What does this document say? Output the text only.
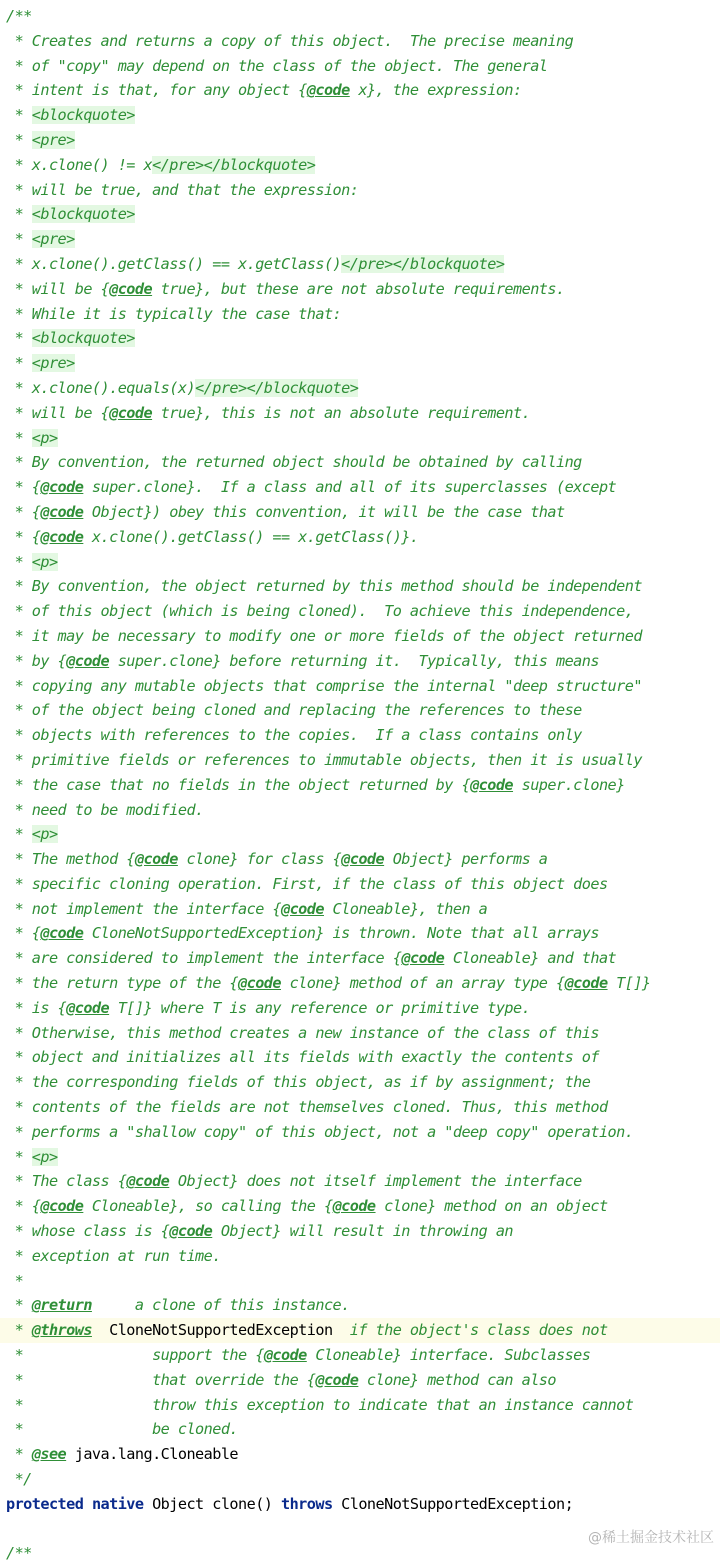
/**
* Creates and returns a copy of this object.  The precise meaning
* of "copy" may depend on the class of the object. The general
* intent is that, for any object {@code x}, the expression:
* <blockquote>
* <pre>
* x.clone() != x</pre></blockquote>
* will be true, and that the expression:
* <blockquote>
* <pre>
* x.clone().getClass() == x.getClass()</pre></blockquote>
* will be {@code true}, but these are not absolute requirements.
* While it is typically the case that:
* <blockquote>
* <pre>
* x.clone().equals(x)</pre></blockquote>
* will be {@code true}, this is not an absolute requirement.
* <p>
* By convention, the returned object should be obtained by calling
* {@code super.clone}.  If a class and all of its superclasses (except
* {@code Object}) obey this convention, it will be the case that
* {@code x.clone().getClass() == x.getClass()}.
* <p>
* By convention, the object returned by this method should be independent
* of this object (which is being cloned).  To achieve this independence,
* it may be necessary to modify one or more fields of the object returned
* by {@code super.clone} before returning it.  Typically, this means
* copying any mutable objects that comprise the internal "deep structure"
* of the object being cloned and replacing the references to these
* objects with references to the copies.  If a class contains only
* primitive fields or references to immutable objects, then it is usually
* the case that no fields in the object returned by {@code super.clone}
* need to be modified.
* <p>
* The method {@code clone} for class {@code Object} performs a
* specific cloning operation. First, if the class of this object does
* not implement the interface {@code Cloneable}, then a
* {@code CloneNotSupportedException} is thrown. Note that all arrays
* are considered to implement the interface {@code Cloneable} and that
* the return type of the {@code clone} method of an array type {@code T[]}
* is {@code T[]} where T is any reference or primitive type.
* Otherwise, this method creates a new instance of the class of this
* object and initializes all its fields with exactly the contents of
* the corresponding fields of this object, as if by assignment; the
* contents of the fields are not themselves cloned. Thus, this method
* performs a "shallow copy" of this object, not a "deep copy" operation.
* <p>
* The class {@code Object} does not itself implement the interface
* {@code Cloneable}, so calling the {@code clone} method on an object
* whose class is {@code Object} will result in throwing an
* exception at run time.
*
* @return     a clone of this instance.
* @throws  CloneNotSupportedException  if the object's class does not
*               support the {@code Cloneable} interface. Subclasses
*               that override the {@code clone} method can also
*               throw this exception to indicate that an instance cannot
*               be cloned.
* @see java.lang.Cloneable
*/
protected native Object clone() throws CloneNotSupportedException;
/**
@稀土掘金技术社区
